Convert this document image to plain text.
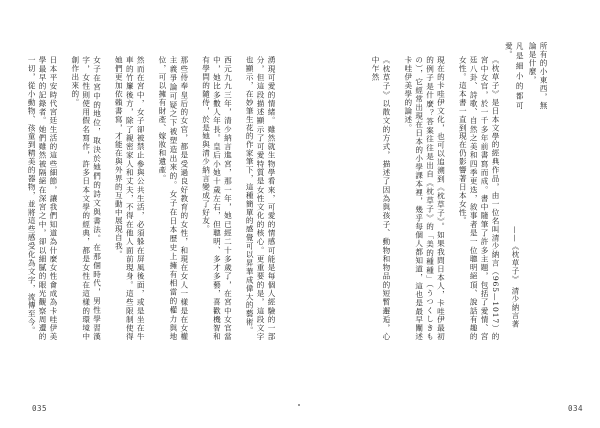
湧現可愛的情緒。雖然就生物學看來，可愛的情感可能是每個人經驗的一部分，但這段描述顯示了可愛特質是女性文化的核心。更重要的是，這段文字也顯示，在妙筆生花的作家筆下，這種簡單的感覺可以昇華成偉大的藝術。

西元九九三年，清少納言進宮，那一年，她已經二十多歲了，在宮中女官當中，她比多數人年長。皇后小她十歲左右，但聰明、多才多藝，喜歡機智和有學問的隨侍，於是她與清少納言變成了好友。

那些侍奉皇后的女官，都是受過良好教育的女性，和現在女人一樣是在女權主義爭論可疑之下被塑造出來的。女子在日本歷史上擁有相當的權力與地位，可以擁有財產、嫁妝和遺產。

然而在宮中，女子卻被禁止參與公共生活，必須躲在屏風後面，或是坐在牛車的竹簾後方，除了親密家人和丈夫，不得在他人面前現身。這些限制使得她們更加依賴書寫，才能在與外界的互動中展現自我。

女子在宮中的地位，取決於她們的詩文與書法。在那個時代，男性學習漢字，女性則使用假名寫作，許多日本文學的經典，都是女性在這樣的環境中創作出來的。

日本平安時代宮廷生活的這些細節，讓我們知道為什麼女性會成為卡哇伊美學最早的記錄者。她們雖然被隔絕在深宮之中，卻以細膩的眼光觀察周遭的一切，從小動物、孩童到精美的器物，並將這些感受化為文字，流傳至今。

035

所有的小東西，無論是什麼，

凡是細小的都可愛。

——《枕草子》 清少納言著

《枕草子》是日本文學的經典作品，由一位名叫清少納言（965—1017）的宮中女官，於一千多年前書寫而成。書中隨筆了許多主題，包括了愛情、宮廷八卦、詩歌、自然之美和四季更迭，敘事者是一位聰明絕頂、說話有趣的女性。這本書一直到現在仍影響著日本女性。

現在的卡哇伊文化，也可以追溯到《枕草子》。如果我問日本人，卡哇伊最初的例子是什麼？答案往往是出自《枕草子》的「美的種種」（うつくしきもの），它經常出現在日本的小學課本裡，幾乎每個人都知道，這也是最早闡述卡哇伊美學的論述。

《枕草子》以散文的方式，描述了因為與孩子、動物和物品的短暫邂逅，心中乍然

034
